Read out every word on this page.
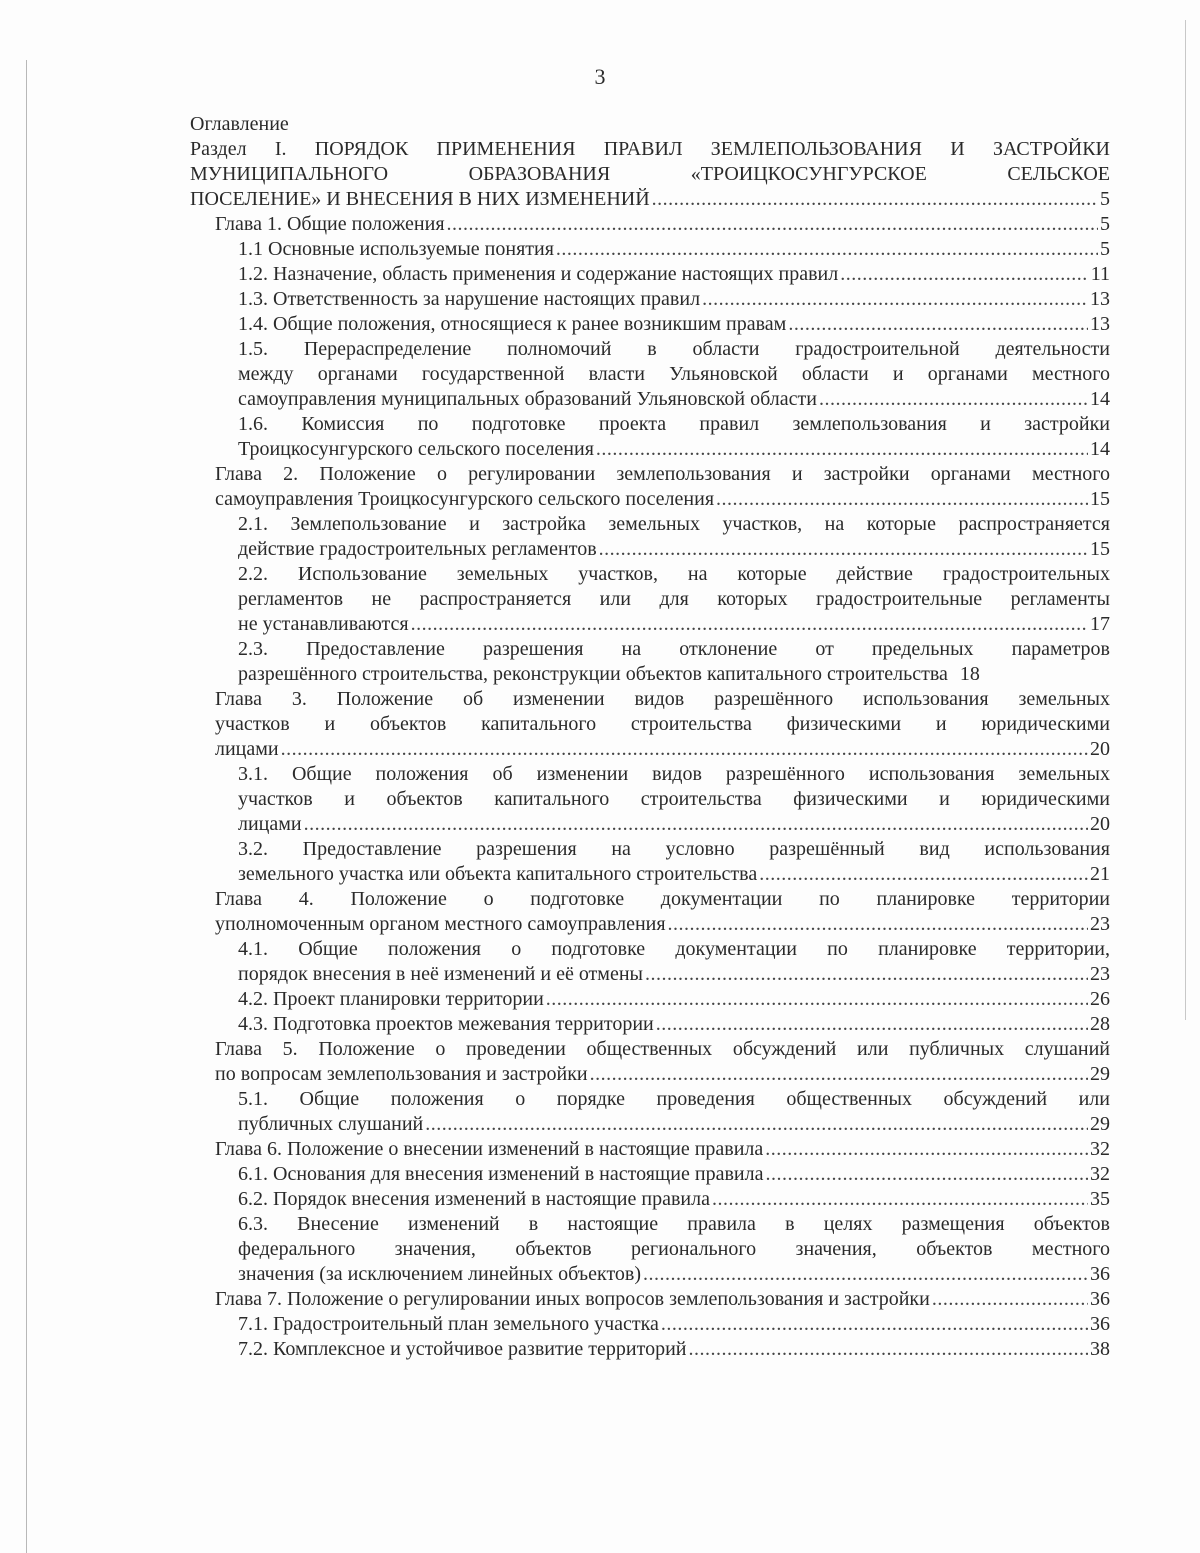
3
Оглавление
Раздел I. ПОРЯДОК ПРИМЕНЕНИЯ ПРАВИЛ ЗЕМЛЕПОЛЬЗОВАНИЯ И ЗАСТРОЙКИ
МУНИЦИПАЛЬНОГО ОБРАЗОВАНИЯ «ТРОИЦКОСУНГУРСКОЕ СЕЛЬСКОЕ
ПОСЕЛЕНИЕ» И ВНЕСЕНИЯ В НИХ ИЗМЕНЕНИЙ .....	5
Глава 1. Общие положения .....	5
1.1 Основные используемые понятия .....	5
1.2. Назначение, область применения и содержание настоящих правил .....	11
1.3. Ответственность за нарушение настоящих правил .....	13
1.4. Общие положения, относящиеся к ранее возникшим правам .....	13
1.5. Перераспределение полномочий в области градостроительной деятельности
между органами государственной власти Ульяновской области и органами местного
самоуправления муниципальных образований Ульяновской области .....	14
1.6. Комиссия по подготовке проекта правил землепользования и застройки
Троицкосунгурского сельского поселения .....	14
Глава 2. Положение о регулировании землепользования и застройки органами местного
самоуправления Троицкосунгурского сельского поселения .....	15
2.1. Землепользование и застройка земельных участков, на которые распространяется
действие градостроительных регламентов .....	15
2.2. Использование земельных участков, на которые действие градостроительных
регламентов не распространяется или для которых градостроительные регламенты
не устанавливаются .....	17
2.3. Предоставление разрешения на отклонение от предельных параметров
разрешённого строительства, реконструкции объектов капитального строительства 18
Глава 3. Положение об изменении видов разрешённого использования земельных
участков и объектов капитального строительства физическими и юридическими
лицами .....	20
3.1. Общие положения об изменении видов разрешённого использования земельных
участков и объектов капитального строительства физическими и юридическими
лицами .....	20
3.2. Предоставление разрешения на условно разрешённый вид использования
земельного участка или объекта капитального строительства .....	21
Глава 4. Положение о подготовке документации по планировке территории
уполномоченным органом местного самоуправления .....	23
4.1. Общие положения о подготовке документации по планировке территории,
порядок внесения в неё изменений и её отмены .....	23
4.2. Проект планировки территории .....	26
4.3. Подготовка проектов межевания территории .....	28
Глава 5. Положение о проведении общественных обсуждений или публичных слушаний
по вопросам землепользования и застройки .....	29
5.1. Общие положения о порядке проведения общественных обсуждений или
публичных слушаний .....	29
Глава 6. Положение о внесении изменений в настоящие правила .....	32
6.1. Основания для внесения изменений в настоящие правила .....	32
6.2. Порядок внесения изменений в настоящие правила .....	35
6.3. Внесение изменений в настоящие правила в целях размещения объектов
федерального значения, объектов регионального значения, объектов местного
значения (за исключением линейных объектов) .....	36
Глава 7. Положение о регулировании иных вопросов землепользования и застройки .....	36
7.1. Градостроительный план земельного участка .....	36
7.2. Комплексное и устойчивое развитие территорий .....	38
